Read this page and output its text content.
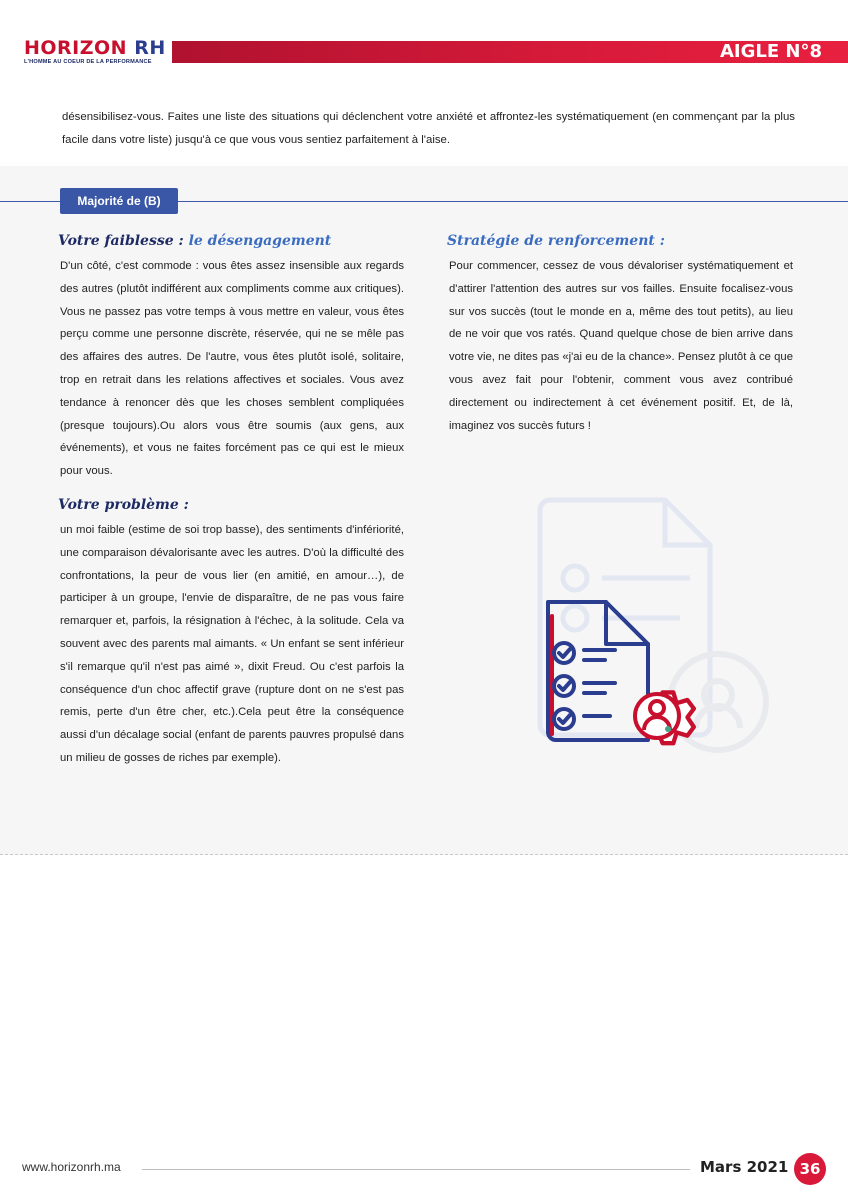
HORIZON RH
L'HOMME AU COEUR DE LA PERFORMANCE	AIGLE N°8

désensibilisez-vous. Faites une liste des situations qui déclenchent votre anxiété et affrontez-les systématiquement (en commençant par la plus facile dans votre liste) jusqu'à ce que vous vous sentiez parfaitement à l'aise.

Majorité de (B)
Votre faiblesse : le désengagement

D'un côté, c'est commode : vous êtes assez insensible aux regards des autres (plutôt indifférent aux compliments comme aux critiques). Vous ne passez pas votre temps à vous mettre en valeur, vous êtes perçu comme une personne discrète, réservée, qui ne se mêle pas des affaires des autres. De l'autre, vous êtes plutôt isolé, solitaire, trop en retrait dans les relations affectives et sociales. Vous avez tendance à renoncer dès que les choses semblent compliquées (presque toujours).Ou alors vous être soumis (aux gens, aux événements), et vous ne faites forcément pas ce qui est le mieux pour vous.

Votre problème :

un moi faible (estime de soi trop basse), des sentiments d'infériorité, une comparaison dévalorisante avec les autres. D'où la difficulté des confrontations, la peur de vous lier (en amitié, en amour…), de participer à un groupe, l'envie de disparaître, de ne pas vous faire remarquer et, parfois, la résignation à l'échec, à la solitude. Cela va souvent avec des parents mal aimants. « Un enfant se sent inférieur s'il remarque qu'il n'est pas aimé », dixit Freud. Ou c'est parfois la conséquence d'un choc affectif grave (rupture dont on ne s'est pas remis, perte d'un être cher, etc.).Cela peut être la conséquence aussi d'un décalage social (enfant de parents pauvres propulsé dans un milieu de gosses de riches par exemple).

Stratégie de renforcement :

Pour commencer, cessez de vous dévaloriser systématiquement et d'attirer l'attention des autres sur vos failles. Ensuite focalisez-vous sur vos succès (tout le monde en a, même des tout petits), au lieu de ne voir que vos ratés. Quand quelque chose de bien arrive dans votre vie, ne dites pas «j'ai eu de la chance». Pensez plutôt à ce que vous avez fait pour l'obtenir, comment vous avez contribué directement ou indirectement à cet événement positif. Et, de là, imaginez vos succès futurs !

www.horizonrh.ma	Mars 2021 36
